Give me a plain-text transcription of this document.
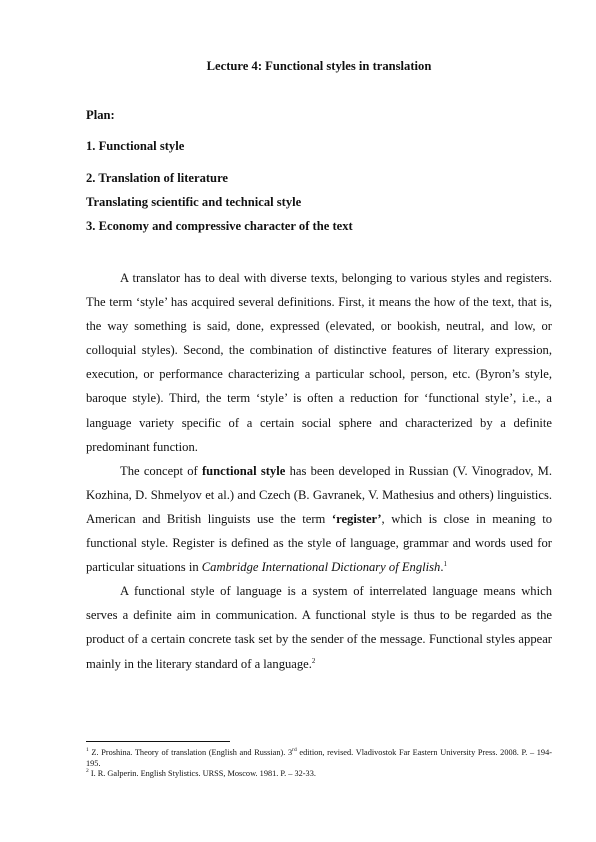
Lecture 4: Functional styles in translation
Plan:
1. Functional style
2. Translation of literature
Translating scientific and technical style
3. Economy and compressive character of the text

A translator has to deal with diverse texts, belonging to various styles and registers. The term ‘style’ has acquired several definitions. First, it means the how of the text, that is, the way something is said, done, expressed (elevated, or bookish, neutral, and low, or colloquial styles). Second, the combination of distinctive features of literary expression, execution, or performance characterizing a particular school, person, etc. (Byron’s style, baroque style). Third, the term ‘style’ is often a reduction for ‘functional style’, i.e., a language variety specific of a certain social sphere and characterized by a definite predominant function.

The concept of functional style has been developed in Russian (V. Vinogradov, M. Kozhina, D. Shmelyov et al.) and Czech (B. Gavranek, V. Mathesius and others) linguistics. American and British linguists use the term ‘register’, which is close in meaning to functional style. Register is defined as the style of language, grammar and words used for particular situations in Cambridge International Dictionary of English.$^1$

A functional style of language is a system of interrelated language means which serves a definite aim in communication. A functional style is thus to be regarded as the product of a certain concrete task set by the sender of the message. Functional styles appear mainly in the literary standard of a language.$^2$

$^1$ Z. Proshina. Theory of translation (English and Russian). 3rd edition, revised. Vladivostok Far Eastern University Press. 2008. P. – 194-195.

$^2$ I. R. Galperin. English Stylistics. URSS, Moscow. 1981. P. – 32-33.
